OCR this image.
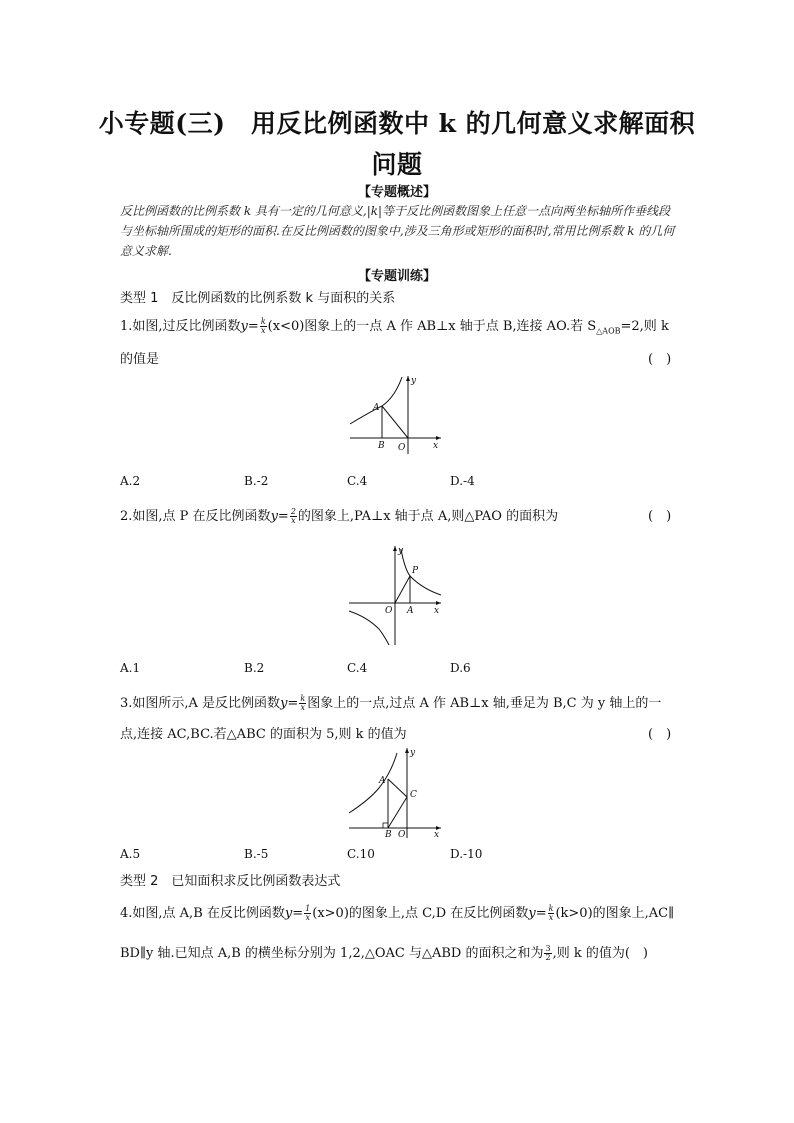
小专题(三)　用反比例函数中 k 的几何意义求解面积
问题
【专题概述】
反比例函数的比例系数 k 具有一定的几何意义,|k|等于反比例函数图象上任意一点向两坐标轴所作垂线段与坐标轴所围成的矩形的面积.在反比例函数的图象中,涉及三角形或矩形的面积时,常用比例系数 k 的几何意义求解.
【专题训练】
类型 1　反比例函数的比例系数 k 与面积的关系
1.如图,过反比例函数$y= \frac{k}{x} (x<0)$图象上的一点 A 作 AB⊥x 轴于点 B,连接 AO.若 $S_{\triangle AOB}=2$,则 k
的值是	(　)
A
B O	x
y
A.2	B.-2	C.4	D.-4
2.如图,点 P 在反比例函数$y= \frac{2}{x}$ 的图象上,PA⊥x 轴于点 A,则△PAO 的面积为	(　)
P
A
O	x
y
A.1	B.2	C.4	D.6
3.如图所示,A 是反比例函数$y= \frac{k}{x}$ 图象上的一点,过点 A 作 AB⊥x 轴,垂足为 B,C 为 y 轴上的一
点,连接 AC,BC.若△ABC 的面积为 5,则 k 的值为	(　)
A
B
C
O	x
y
A.5	B.-5	C.10	D.-10
类型 2　已知面积求反比例函数表达式
4.如图,点 A,B 在反比例函数$y= \frac{1}{x} (x>0)$的图象上,点 C,D 在反比例函数$y= \frac{k}{x} (k>0)$的图象上,AC∥
BD∥y 轴.已知点 A,B 的横坐标分别为 1,2,△OAC 与△ABD 的面积之和为 $\frac{3}{2}$ ,则 k 的值为(　)
